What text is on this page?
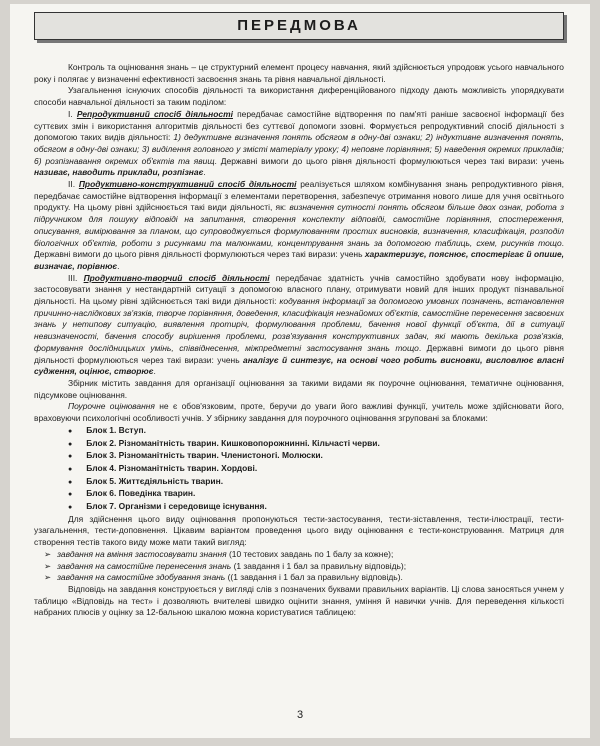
ПЕРЕДМОВА

Контроль та оцінювання знань – це структурний елемент процесу навчання, який здійснюється упродовж усього навчального року і полягає у визначенні ефективності засвоєння знань та рівня навчальної діяльності.

Узагальнення існуючих способів діяльності та використання диференційованого підходу дають можливість упорядкувати способи навчальної діяльності за таким поділом:

I. Репродуктивний спосіб діяльності передбачає самостійне відтворення по пам'яті раніше засвоєної інформації без суттєвих змін і використання алгоритмів діяльності без суттєвої допомоги ззовні. Формується репродуктивний спосіб діяльності з допомогою таких видів діяльності: 1) дедуктивне визначення понять обсягом в одну-дві ознаки; 2) індуктивне визначення понять, обсягом в одну-дві ознаки; 3) виділення головного у змісті матеріалу уроку; 4) неповне порівняння; 5) наведення окремих прикладів; 6) розпізнавання окремих об'єктів та явищ. Державні вимоги до цього рівня діяльності формулюються через такі вирази: учень називає, наводить приклади, розпізнає.

II. Продуктивно-конструктивний спосіб діяльності реалізується шляхом комбінування знань репродуктивного рівня, передбачає самостійне відтворення інформації з елементами перетворення, забезпечує отримання нового лише для учня освітнього продукту. На цьому рівні здійснюється такі види діяльності, як: визначення сутності понять обсягом більше двох ознак, робота з підручником для пошуку відповіді на запитання, створення конспекту відповіді, самостійне порівняння, спостереження, описування, вимірювання за планом, що супроводжується формулюванням простих висновків, визначення, класифікація, розподіл біологічних об'єктів, роботи з рисунками та малюнками, концентрування знань за допомогою таблиць, схем, рисунків тощо. Державні вимоги до цього рівня діяльності формулюються через такі вирази: учень характеризує, пояснює, спостерігає й опише, визначає, порівнює.

III. Продуктивно-творчий спосіб діяльності передбачає здатність учнів самостійно здобувати нову інформацію, застосовувати знання у нестандартній ситуації з допомогою власного плану, отримувати новий для інших продукт пізнавальної діяльності. На цьому рівні здійснюється такі види діяльності: кодування інформації за допомогою умовних позначень, встановлення причинно-наслідкових зв'язків, творче порівняння, доведення, класифікація незнайомих об'єктів, самостійне перенесення засвоєних знань у нетипову ситуацію, виявлення протиріч, формулювання проблеми, бачення нової функції об'єкта, дії в ситуації невизначеності, бачення способу вирішення проблеми, розв'язування конструктивних задач, які мають декілька розв'язків, формування дослідницьких умінь, співвіднесення, міжпредметні застосування знань тощо. Державні вимоги до цього рівня діяльності формулюються через такі вирази: учень аналізує й синтезує, на основі чого робить висновки, висловлює власні судження, оцінює, створює.

Збірник містить завдання для організації оцінювання за такими видами як поурочне оцінювання, тематичне оцінювання, підсумкове оцінювання.

Поурочне оцінювання не є обов'язковим, проте, беручи до уваги його важливі функції, учитель може здійснювати його, враховуючи психологічні особливості учнів. У збірнику завдання для поурочного оцінювання згруповані за блоками:

● Блок 1. Вступ.
● Блок 2. Різноманітність тварин. Кишковопорожнинні. Кільчасті черви.
● Блок 3. Різноманітність тварин. Членистоногі. Молюски.
● Блок 4. Різноманітність тварин. Хордові.
● Блок 5. Життєдіяльність тварин.
● Блок 6. Поведінка тварин.
● Блок 7. Організми і середовище існування.

Для здійснення цього виду оцінювання пропонуються тести-застосування, тести-зіставлення, тести-ілюстрації, тести-узагальнення, тести-доповнення. Цікавим варіантом проведення цього виду оцінювання є тести-конструювання. Матриця для створення тестів такого виду може мати такий вигляд:

➢ завдання на вміння застосовувати знання (10 тестових завдань по 1 балу за кожне);
➢ завдання на самостійне перенесення знань (1 завдання і 1 бал за правильну відповідь);
➢ завдання на самостійне здобування знань ((1 завдання і 1 бал за правильну відповідь).

Відповідь на завдання конструюється у вигляді слів з позначених буквами правильних варіантів. Ці слова заносяться учнем у таблицю «Відповідь на тест» і дозволяють вчителеві швидко оцінити знання, уміння й навички учнів. Для переведення кількості набраних плюсів у оцінку за 12-бальною шкалою можна користуватися таблицею:

3
